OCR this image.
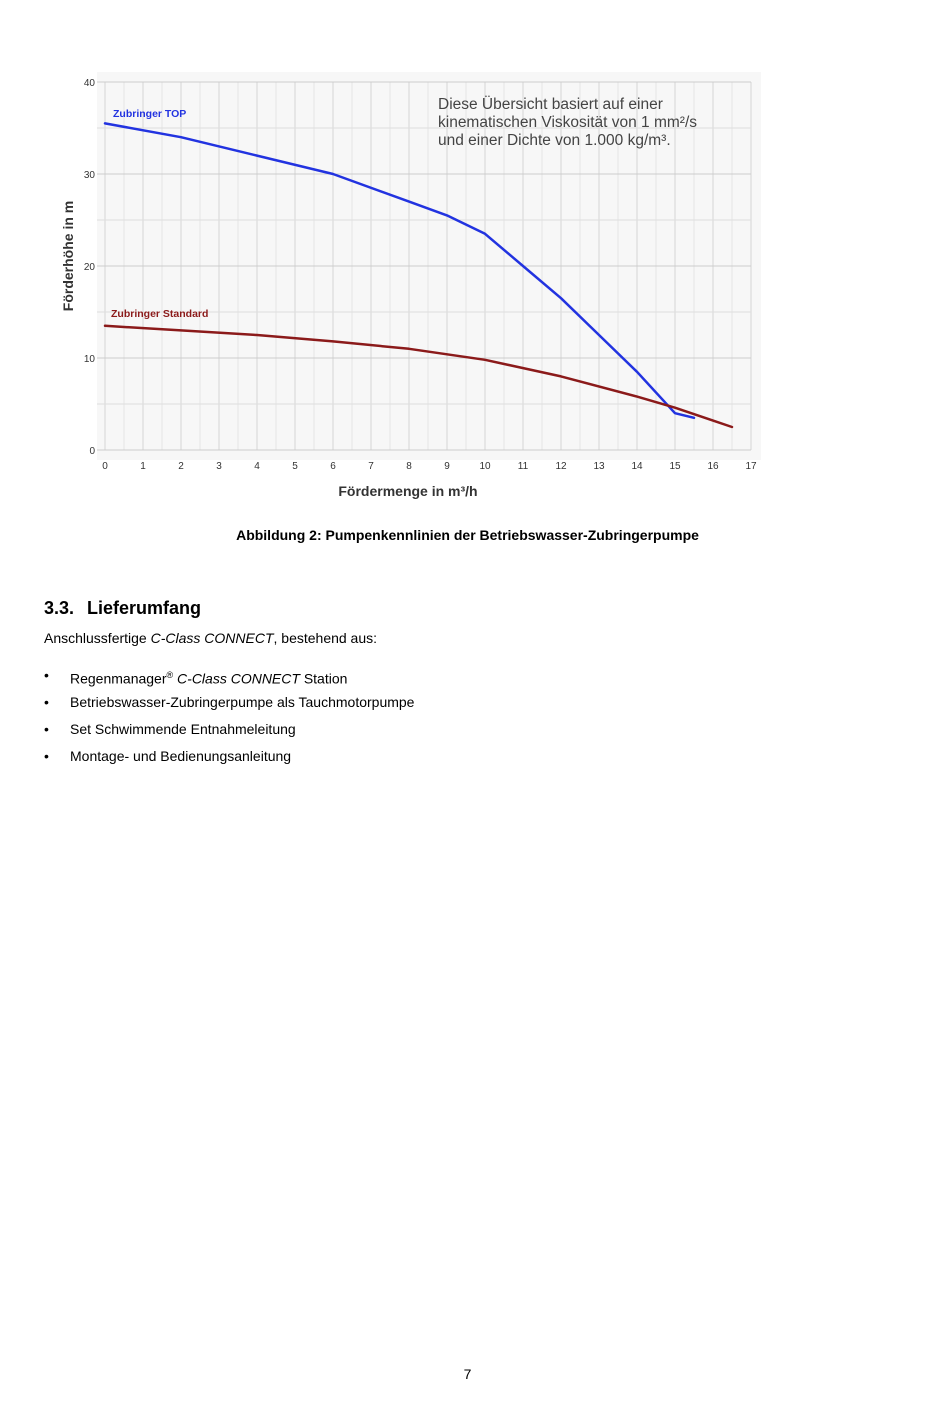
0	1	2	3	4	5	6	7	8	9	10	11	12	13	14	15	16	17
0
10
20
30
40
Fördermenge in m³/h
Förderhöhe in m
Diese Übersicht basiert auf einer
kinematischen Viskosität von 1 mm²/s
und einer Dichte von 1.000 kg/m³.
Zubringer TOP
Zubringer Standard
Abbildung 2: Pumpenkennlinien der Betriebswasser-Zubringerpumpe
3.3. Lieferumfang
Anschlussfertige C-Class CONNECT, bestehend aus:
• Regenmanager® C-Class CONNECT Station
• Betriebswasser-Zubringerpumpe als Tauchmotorpumpe
• Set Schwimmende Entnahmeleitung
• Montage- und Bedienungsanleitung
7
